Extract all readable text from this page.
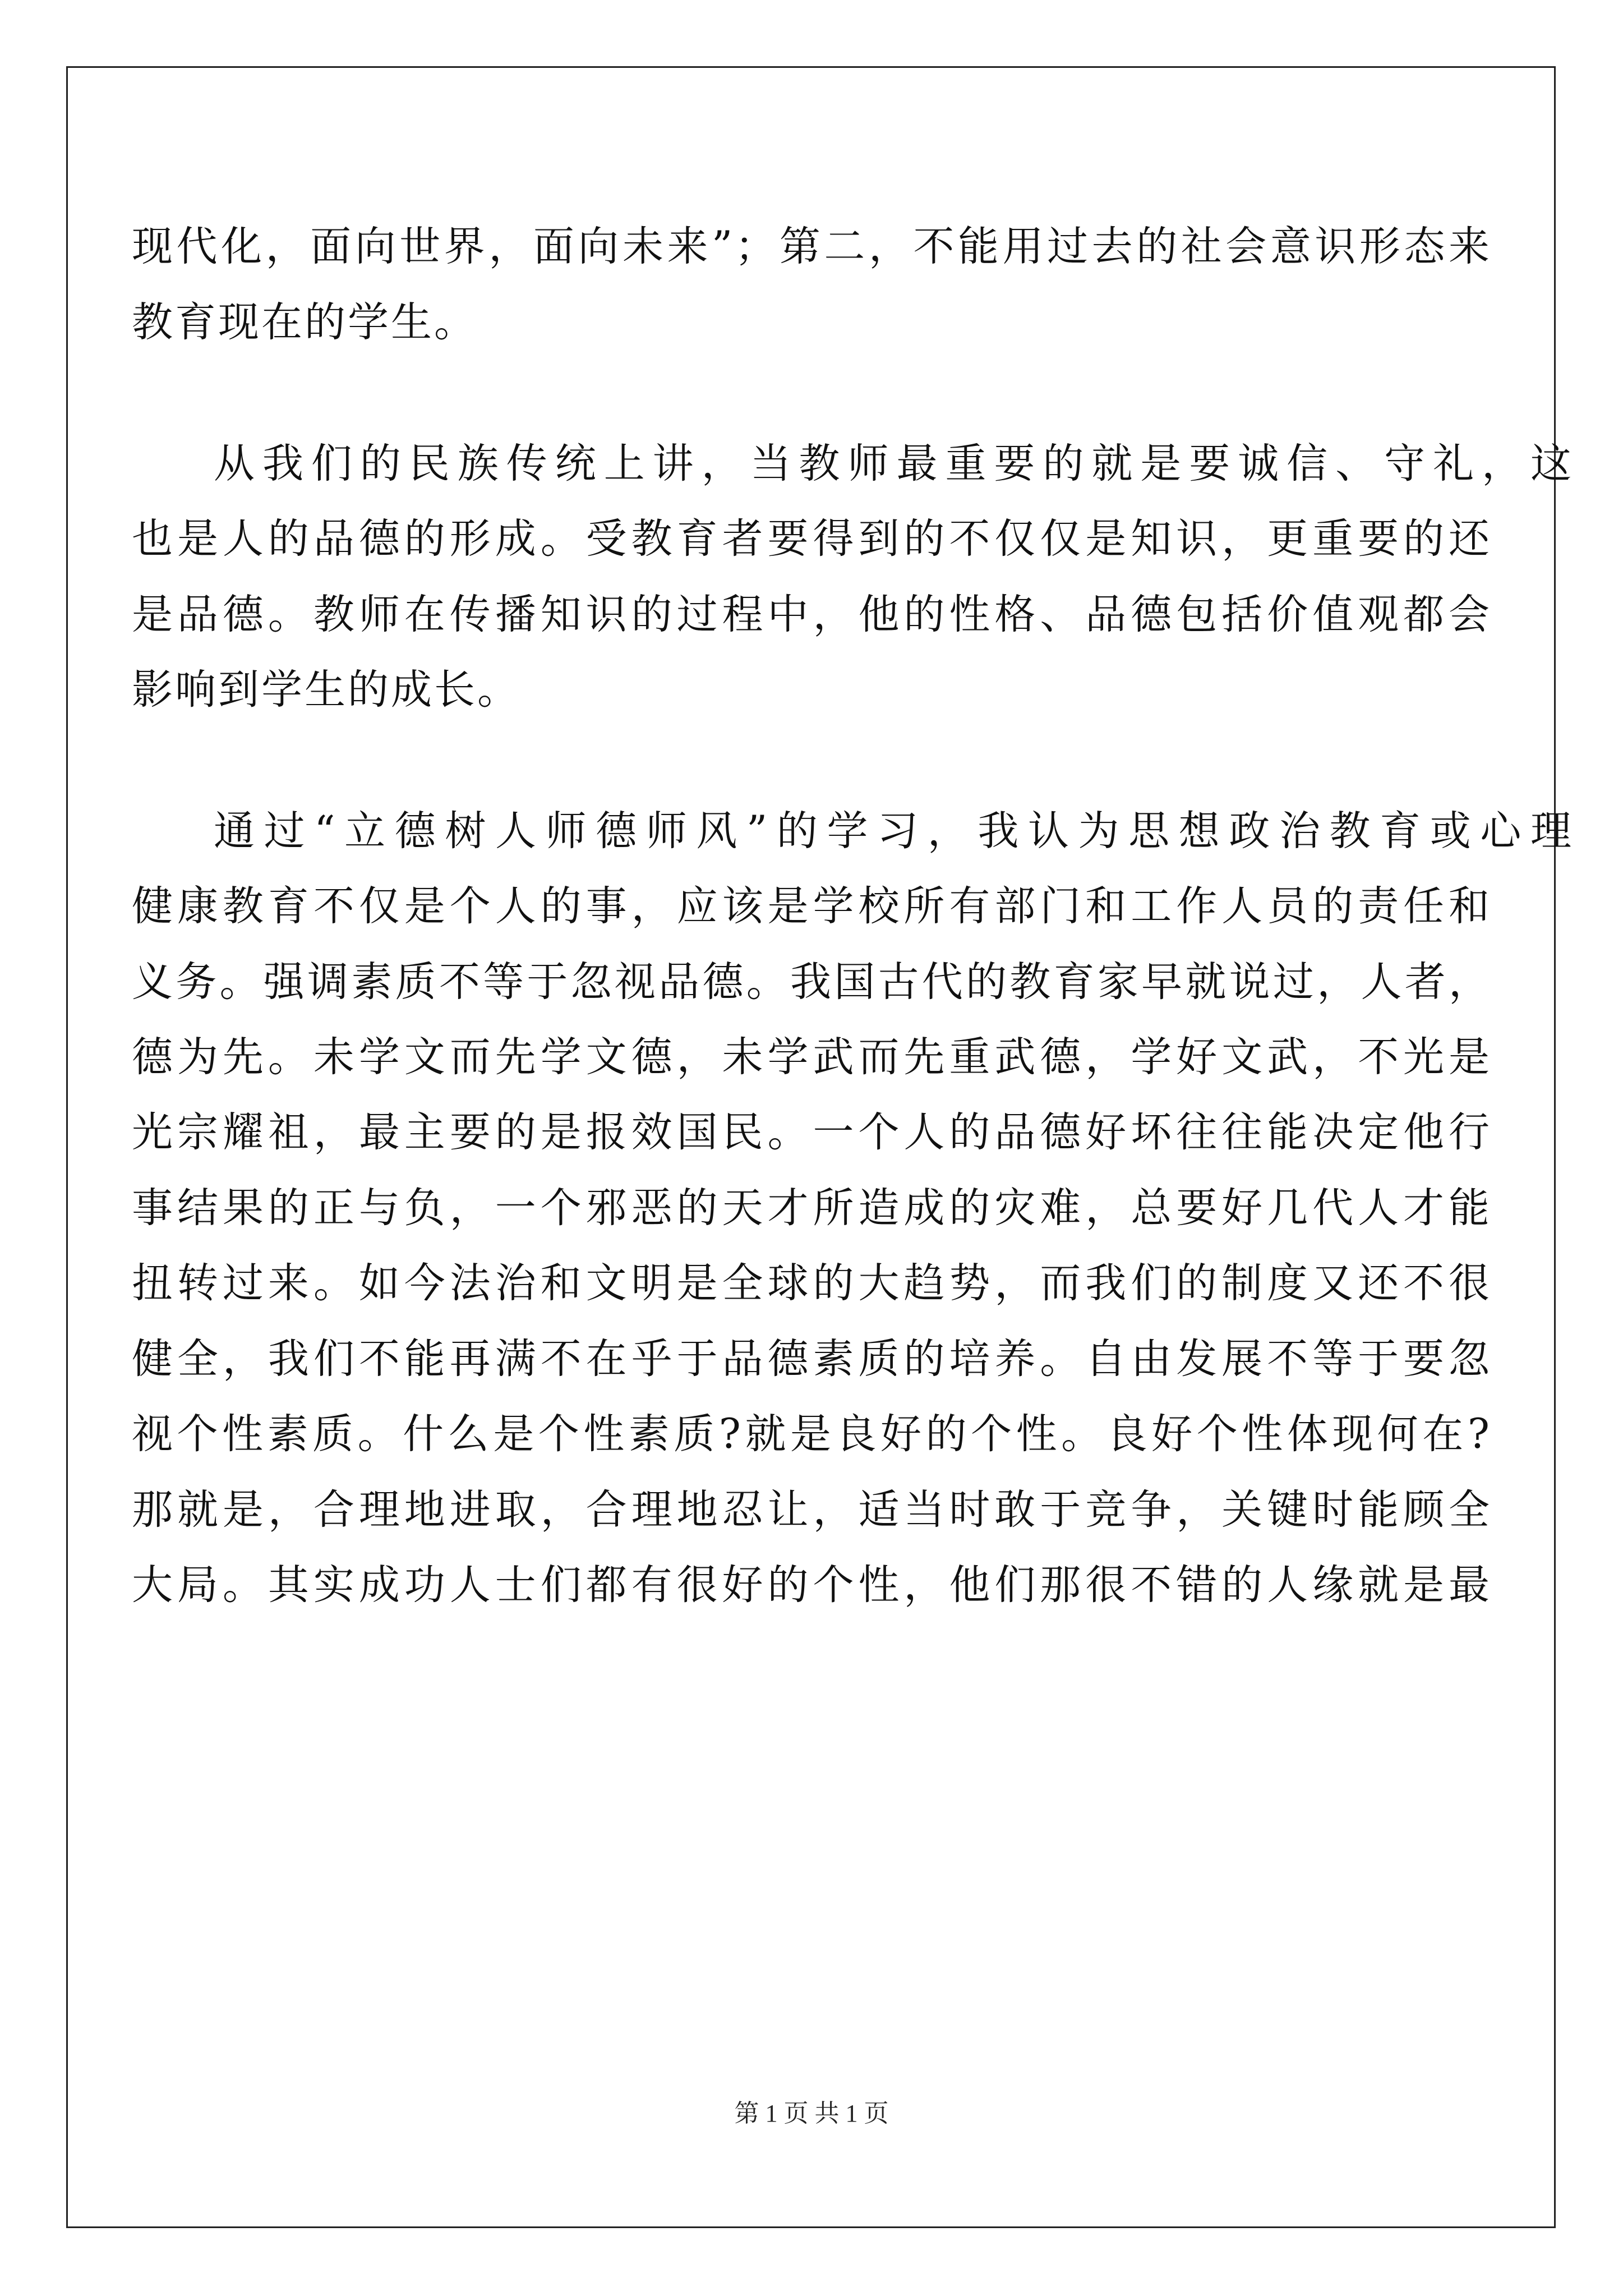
现代化，面向世界，面向未来”；第二，不能用过去的社会意识形态来
教育现在的学生。
从我们的民族传统上讲，当教师最重要的就是要诚信、守礼，这
也是人的品德的形成。受教育者要得到的不仅仅是知识，更重要的还
是品德。教师在传播知识的过程中，他的性格、品德包括价值观都会
影响到学生的成长。
通过“立德树人师德师风”的学习，我认为思想政治教育或心理
健康教育不仅是个人的事，应该是学校所有部门和工作人员的责任和
义务。强调素质不等于忽视品德。我国古代的教育家早就说过，人者，
德为先。未学文而先学文德，未学武而先重武德，学好文武，不光是
光宗耀祖，最主要的是报效国民。一个人的品德好坏往往能决定他行
事结果的正与负，一个邪恶的天才所造成的灾难，总要好几代人才能
扭转过来。如今法治和文明是全球的大趋势，而我们的制度又还不很
健全，我们不能再满不在乎于品德素质的培养。自由发展不等于要忽
视个性素质。什么是个性素质?就是良好的个性。良好个性体现何在?
那就是，合理地进取，合理地忍让，适当时敢于竞争，关键时能顾全
大局。其实成功人士们都有很好的个性，他们那很不错的人缘就是最
第 1 页 共 1 页
